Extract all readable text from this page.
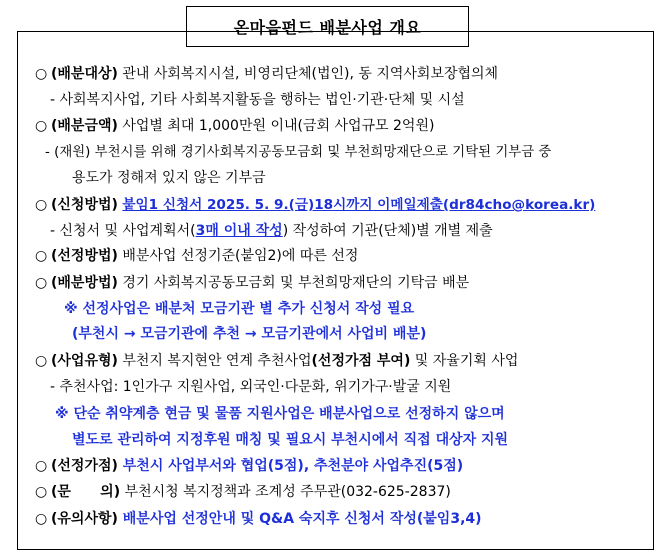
온마음펀드 배분사업 개요
○ (배분대상) 관내 사회복지시설, 비영리단체(법인), 동 지역사회보장협의체
- 사회복지사업, 기타 사회복지활동을 행하는 법인·기관·단체 및 시설
○ (배분금액) 사업별 최대 1,000만원 이내(금회 사업규모 2억원)
- (재원) 부천시를 위해 경기사회복지공동모금회 및 부천희망재단으로 기탁된 기부금 중
용도가 정해져 있지 않은 기부금
○ (신청방법) 붙임1 신청서 2025. 5. 9.(금)18시까지 이메일제출(dr84cho@korea.kr)
- 신청서 및 사업계획서(3매 이내 작성) 작성하여 기관(단체)별 개별 제출
○ (선정방법) 배분사업 선정기준(붙임2)에 따른 선정
○ (배분방법) 경기 사회복지공동모금회 및 부천희망재단의 기탁금 배분
※ 선정사업은 배분처 모금기관 별 추가 신청서 작성 필요
(부천시 → 모금기관에 추천 → 모금기관에서 사업비 배분)
○ (사업유형) 부천지 복지현안 연계 추천사업(선정가점 부여) 및 자율기획 사업
- 추천사업: 1인가구 지원사업, 외국인·다문화, 위기가구·발굴 지원
※ 단순 취약계층 현금 및 물품 지원사업은 배분사업으로 선정하지 않으며
별도로 관리하여 지정후원 매칭 및 필요시 부천시에서 직접 대상자 지원
○ (선정가점) 부천시 사업부서와 협업(5점), 추천분야 사업추진(5점)
○ (문      의) 부천시청 복지정책과 조계성 주무관(032-625-2837)
○ (유의사항) 배분사업 선정안내 및 Q&A 숙지후 신청서 작성(붙임3,4)
